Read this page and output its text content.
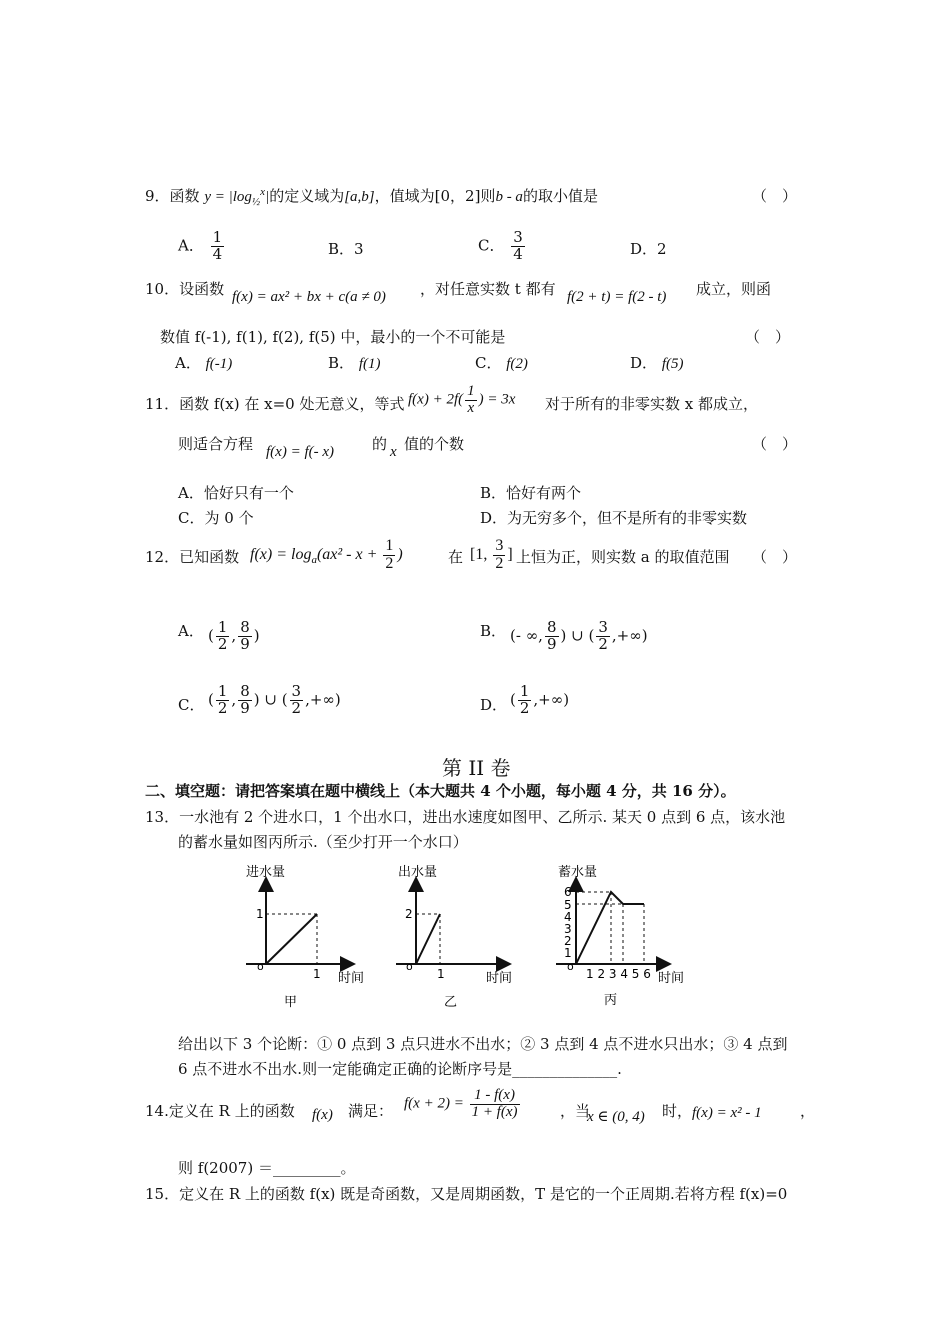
9．函数 $y = |\log_{\frac{1}{2}}^x|$的定义域为[a,b]，值域为[0，2]则b - a的取小值是	（　）
A． $\frac{1}{4}$	B．3	C． $\frac{3}{4}$	D．2
10．设函数 f(x) = ax² + bx + c(a ≠ 0) ，对任意实数 t 都有 f(2 + t) = f(2 - t) 成立，则函
数值 f(-1), f(1), f(2), f(5) 中，最小的一个不可能是	（　）
A． f(-1)	B． f(1)	C． f(2)	D． f(5)
11．函数 f(x) 在 x=0 处无意义，等式 $f(x) + 2f( \frac{1}{x}$ ) = 3x 对于所有的非零实数 x 都成立，
则适合方程 f(x) = f(- x)	的 x 值的个数	（　）
A．恰好只有一个	B．恰好有两个
C．为 0 个	D．为无穷多个，但不是所有的非零实数
12．已知函数 $f(x) = \log_a(ax^2 - x + \frac{1}{2}$ )	在 [1, $\frac{3}{2}$ ] 上恒为正，则实数 a 的取值范围 （　）
A． ( $\frac{1}{2}$ , $\frac{8}{9}$ )	B． (- ∞, $\frac{8}{9}$ ) ∪ ( $\frac{3}{2}$ ,+∞)
C． ( $\frac{1}{2}$ , $\frac{8}{9}$ ) ∪ ( $\frac{3}{2}$ ,+∞)	D． ( $\frac{1}{2}$ ,+∞)
第 II 卷
二、填空题：请把答案填在题中横线上（本大题共 4 个小题，每小题 4 分，共 16 分）。
13．一水池有 2 个进水口，1 个出水口，进出水速度如图甲、乙所示. 某天 0 点到 6 点，该水池
的蓄水量如图丙所示.（至少打开一个水口）
进水量
1
1
o
时间
甲
出水量
2
1
o
时间
乙
蓄水量
6
5
4
3
2
1
1 2 3 4 5 6
o
时间
丙
给出以下 3 个论断：① 0 点到 3 点只进水不出水；② 3 点到 4 点不进水只出水；③ 4 点到
6 点不进水不出水.则一定能确定正确的论断序号是______________.
14.定义在 R 上的函数 f(x) 满足： $f(x + 2) = \frac{1 - f(x)}{1 + f(x)}$	，当
x ∈ (0, 4) 时， f(x) = x² - 1	，
则 f(2007) ＝_________。
15．定义在 R 上的函数 f(x) 既是奇函数，又是周期函数，T 是它的一个正周期.若将方程 f(x)=0
